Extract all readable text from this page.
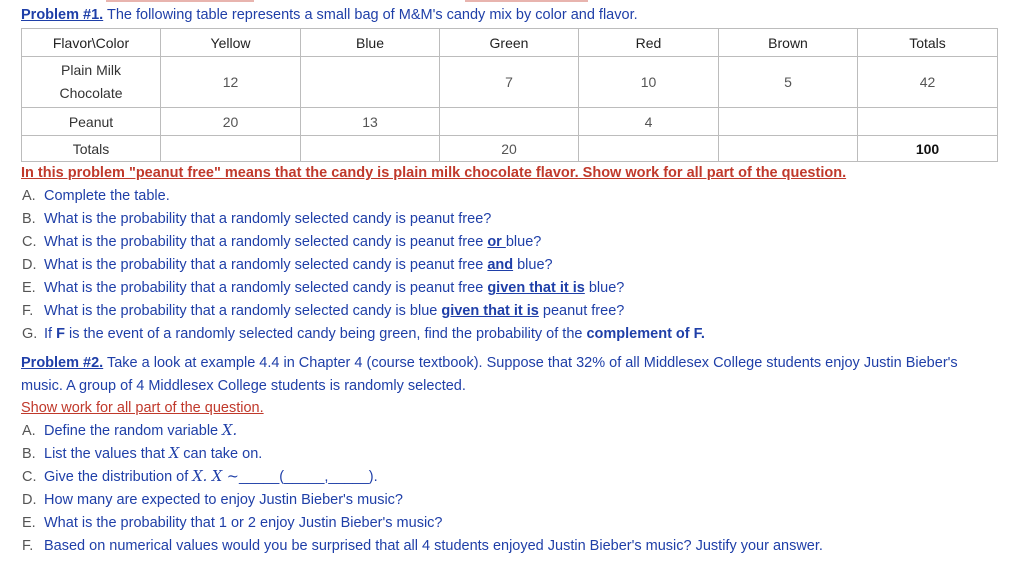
Problem #1. The following table represents a small bag of M&M's candy mix by color and flavor.
Flavor\Color	Yellow	Blue	Green	Red	Brown	Totals
Plain Milk Chocolate	12		7	10	5	42
Peanut	20	13		4		
Totals			20			100
In this problem "peanut free" means that the candy is plain milk chocolate flavor. Show work for all part of the question.
A. Complete the table.
B. What is the probability that a randomly selected candy is peanut free?
C. What is the probability that a randomly selected candy is peanut free or blue?
D. What is the probability that a randomly selected candy is peanut free and blue?
E. What is the probability that a randomly selected candy is peanut free given that it is blue?
F. What is the probability that a randomly selected candy is blue given that it is peanut free?
G. If F is the event of a randomly selected candy being green, find the probability of the complement of F.
Problem #2. Take a look at example 4.4 in Chapter 4 (course textbook). Suppose that 32% of all Middlesex College students enjoy Justin Bieber's music. A group of 4 Middlesex College students is randomly selected.
Show work for all part of the question.
A. Define the random variable X.
B. List the values that X can take on.
C. Give the distribution of X. X ~_____(_____,_____).
D. How many are expected to enjoy Justin Bieber's music?
E. What is the probability that 1 or 2 enjoy Justin Bieber's music?
F. Based on numerical values would you be surprised that all 4 students enjoyed Justin Bieber's music? Justify your answer.
